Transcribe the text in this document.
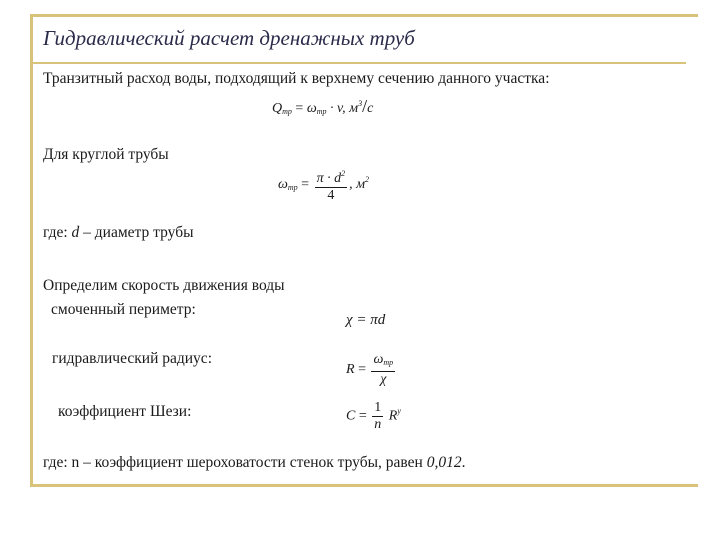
Гидравлический расчет дренажных труб

Транзитный расход воды, подходящий к верхнему сечению данного участка:

$Q_{тр} = \omega_{тр} \cdot v$, $м^3/с$

Для круглой трубы

$\omega_{тр} = \frac{\pi \cdot d^2}{4}$ , $м^2$

где: d – диаметр трубы

Определим скорость движения воды

смоченный периметр:

χ = πd

гидравлический радиус:

$R = \frac{\omega_{тр}}{\chi}$

коэффициент Шези:	$C = \frac{1}{n} R^y$

где: n – коэффициент шероховатости стенок трубы, равен 0,012.
